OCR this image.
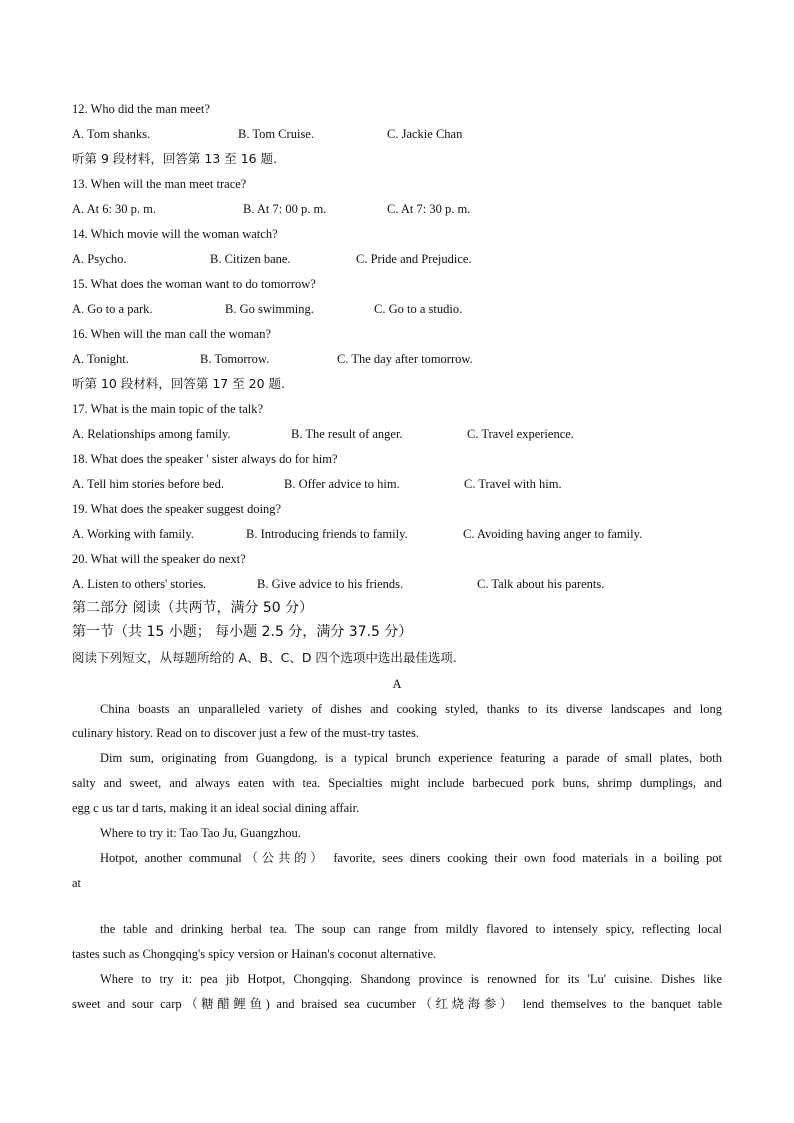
12. Who did the man meet?
A. Tom shanks.	B. Tom Cruise.	C. Jackie Chan
听第 9 段材料，回答第 13 至 16 题.
13. When will the man meet trace?
A. At 6: 30 p. m.	B. At 7: 00 p. m.	C. At 7: 30 p. m.
14. Which movie will the woman watch?
A. Psycho.	B. Citizen bane.	C. Pride and Prejudice.
15. What does the woman want to do tomorrow?
A. Go to a park.	B. Go swimming.	C. Go to a studio.
16. When will the man call the woman?
A. Tonight.	B. Tomorrow.	C. The day after tomorrow.
听第 10 段材料，回答第 17 至 20 题.
17. What is the main topic of the talk?
A. Relationships among family.	B. The result of anger.	C. Travel experience.
18. What does the speaker ' sister always do for him?
A. Tell him stories before bed.	B. Offer advice to him.	C. Travel with him.
19. What does the speaker suggest doing?
A. Working with family.	B. Introducing friends to family.	C. Avoiding having anger to family.
20. What will the speaker do next?
A. Listen to others' stories.	B. Give advice to his friends.	C. Talk about his parents.
第二部分 阅读（共两节，满分 50 分）
第一节（共 15 小题； 每小题 2.5 分，满分 37.5 分）
阅读下列短文，从每题所给的 A、B、C、D 四个选项中选出最佳选项.
A
China boasts an unparalleled variety of dishes and cooking styled, thanks to its diverse landscapes and long
culinary history. Read on to discover just a few of the must-try tastes.
Dim sum, originating from Guangdong, is a typical brunch experience featuring a parade of small plates, both
salty and sweet, and always eaten with tea. Specialties might include barbecued pork buns, shrimp dumplings, and
egg c us tar d tarts, making it an ideal social dining affair.
Where to try it: Tao Tao Ju, Guangzhou.
Hotpot, another communal（公共的） favorite, sees diners cooking their own food materials in a boiling pot
at
the table and drinking herbal tea. The soup can range from mildly flavored to intensely spicy, reflecting local
tastes such as Chongqing's spicy version or Hainan's coconut alternative.
Where to try it: pea jib Hotpot, Chongqing. Shandong province is renowned for its 'Lu' cuisine. Dishes like
sweet and sour carp（糖醋鲤鱼) and braised sea cucumber（红烧海参） lend themselves to the banquet table
